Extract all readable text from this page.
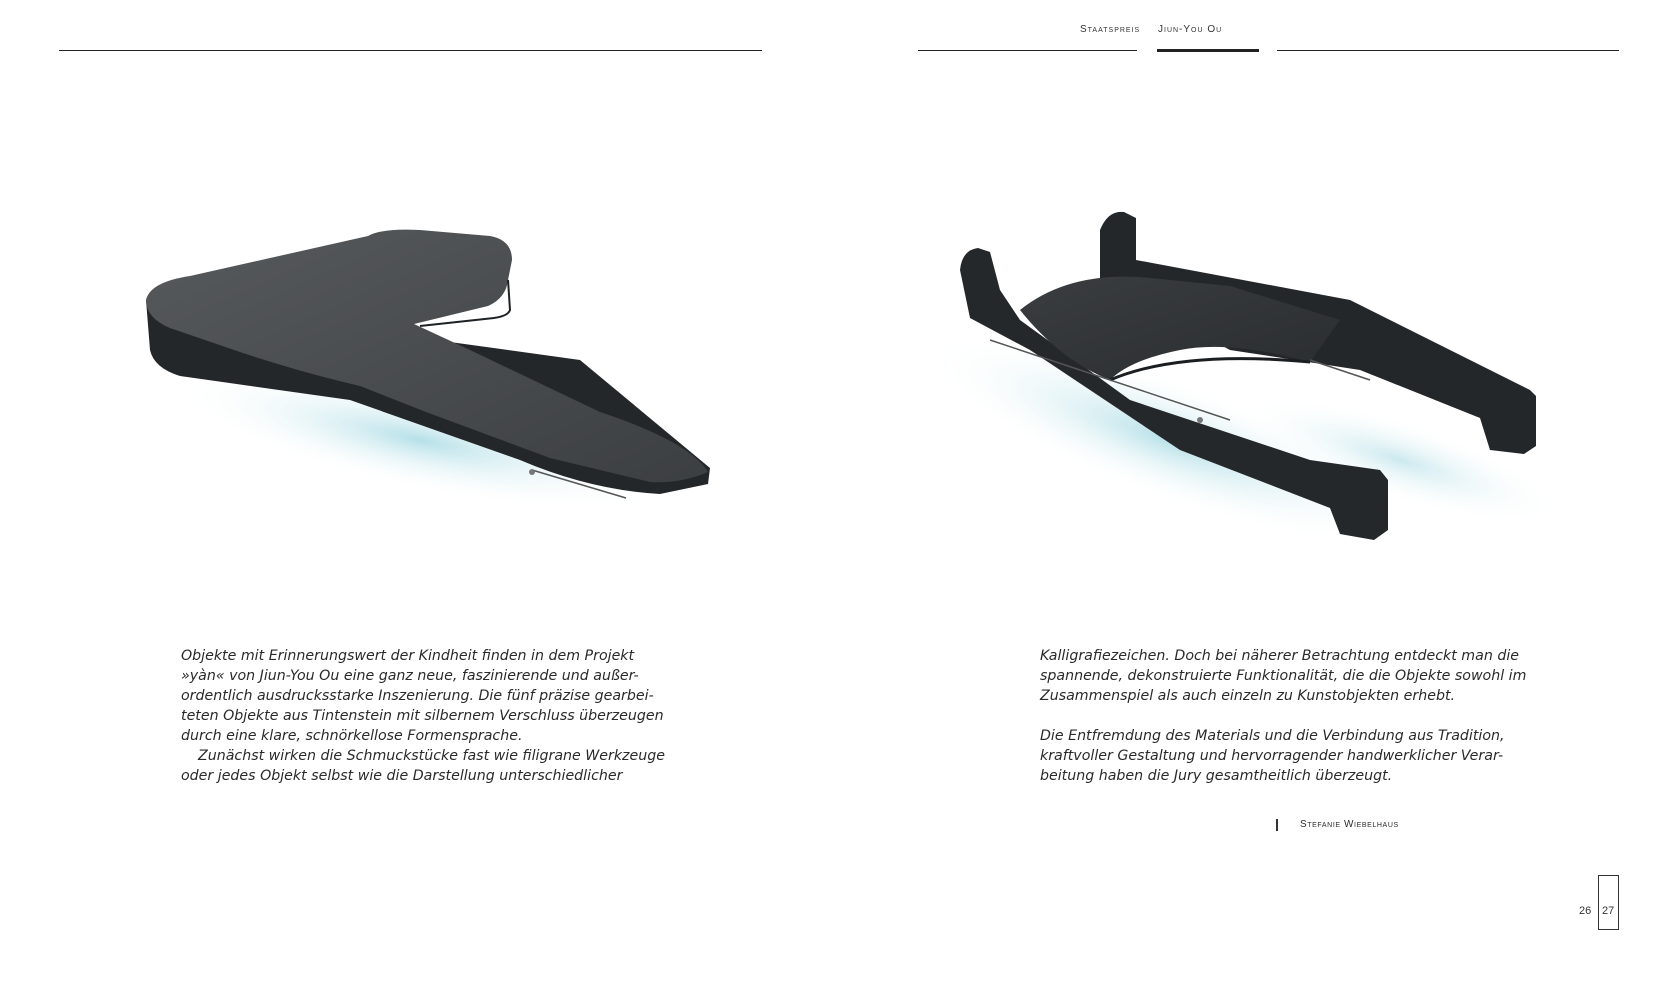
Staatspreis Jiun-You Ou

Objekte mit Erinnerungswert der Kindheit finden in dem Projekt

»yàn« von Jiun-You Ou eine ganz neue, faszinierende und außer-

ordentlich ausdrucksstarke Inszenierung. Die fünf präzise gearbei-

teten Objekte aus Tintenstein mit silbernem Verschluss überzeugen

durch eine klare, schnörkellose Formensprache.

Zunächst wirken die Schmuckstücke fast wie filigrane Werkzeuge

oder jedes Objekt selbst wie die Darstellung unterschiedlicher

Kalligrafiezeichen. Doch bei näherer Betrachtung entdeckt man die

spannende, dekonstruierte Funktionalität, die die Objekte sowohl im

Zusammenspiel als auch einzeln zu Kunstobjekten erhebt.

Die Entfremdung des Materials und die Verbindung aus Tradition,

kraftvoller Gestaltung und hervorragender handwerklicher Verar-

beitung haben die Jury gesamtheitlich überzeugt.

Stefanie Wiebelhaus
26 27
